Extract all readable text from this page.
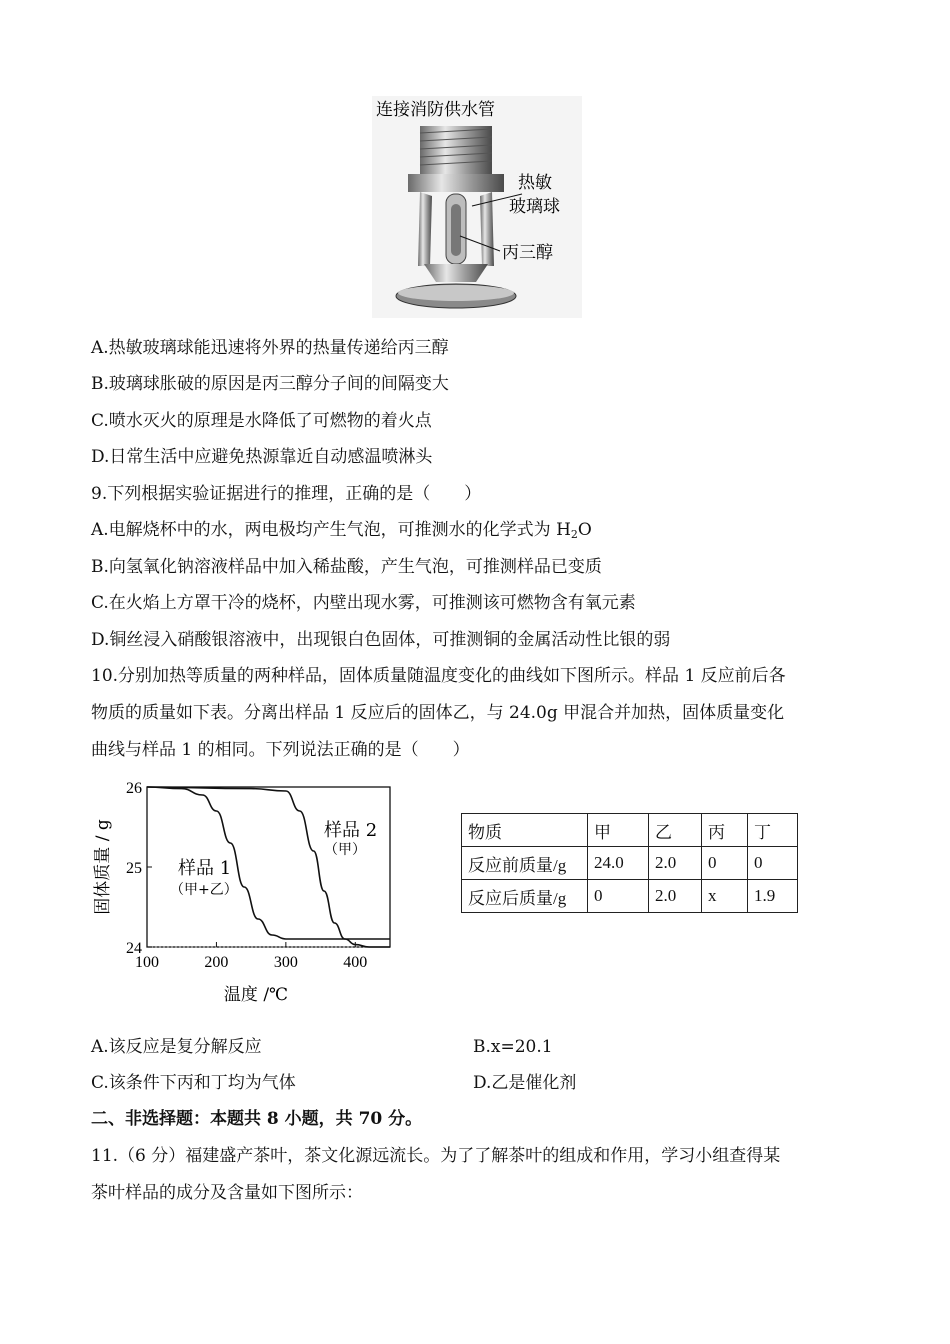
连接消防供水管
热敏
玻璃球
丙三醇
A.热敏玻璃球能迅速将外界的热量传递给丙三醇
B.玻璃球胀破的原因是丙三醇分子间的间隔变大
C.喷水灭火的原理是水降低了可燃物的着火点
D.日常生活中应避免热源靠近自动感温喷淋头
9.下列根据实验证据进行的推理，正确的是（　　）
A.电解烧杯中的水，两电极均产生气泡，可推测水的化学式为 $H_2O$
B.向氢氧化钠溶液样品中加入稀盐酸，产生气泡，可推测样品已变质
C.在火焰上方罩干冷的烧杯，内壁出现水雾，可推测该可燃物含有氧元素
D.铜丝浸入硝酸银溶液中，出现银白色固体，可推测铜的金属活动性比银的弱
10.分别加热等质量的两种样品，固体质量随温度变化的曲线如下图所示。样品 1 反应前后各
物质的质量如下表。分离出样品 1 反应后的固体乙，与 24.0g 甲混合并加热，固体质量变化
曲线与样品 1 的相同。下列说法正确的是（　　）
100	200	300	400
24
25
26
固体质量 / g
温度 /℃
样品 1
（甲+乙）
样品 2
（甲）
物质	甲	乙	丙	丁
反应前质量/g	24.0	2.0	0	0
反应后质量/g	0	2.0	x	1.9
A.该反应是复分解反应	B.x=20.1
C.该条件下丙和丁均为气体	D.乙是催化剂
二、非选择题：本题共 8 小题，共 70 分。
11.（6 分）福建盛产茶叶，茶文化源远流长。为了了解茶叶的组成和作用，学习小组查得某
茶叶样品的成分及含量如下图所示：
